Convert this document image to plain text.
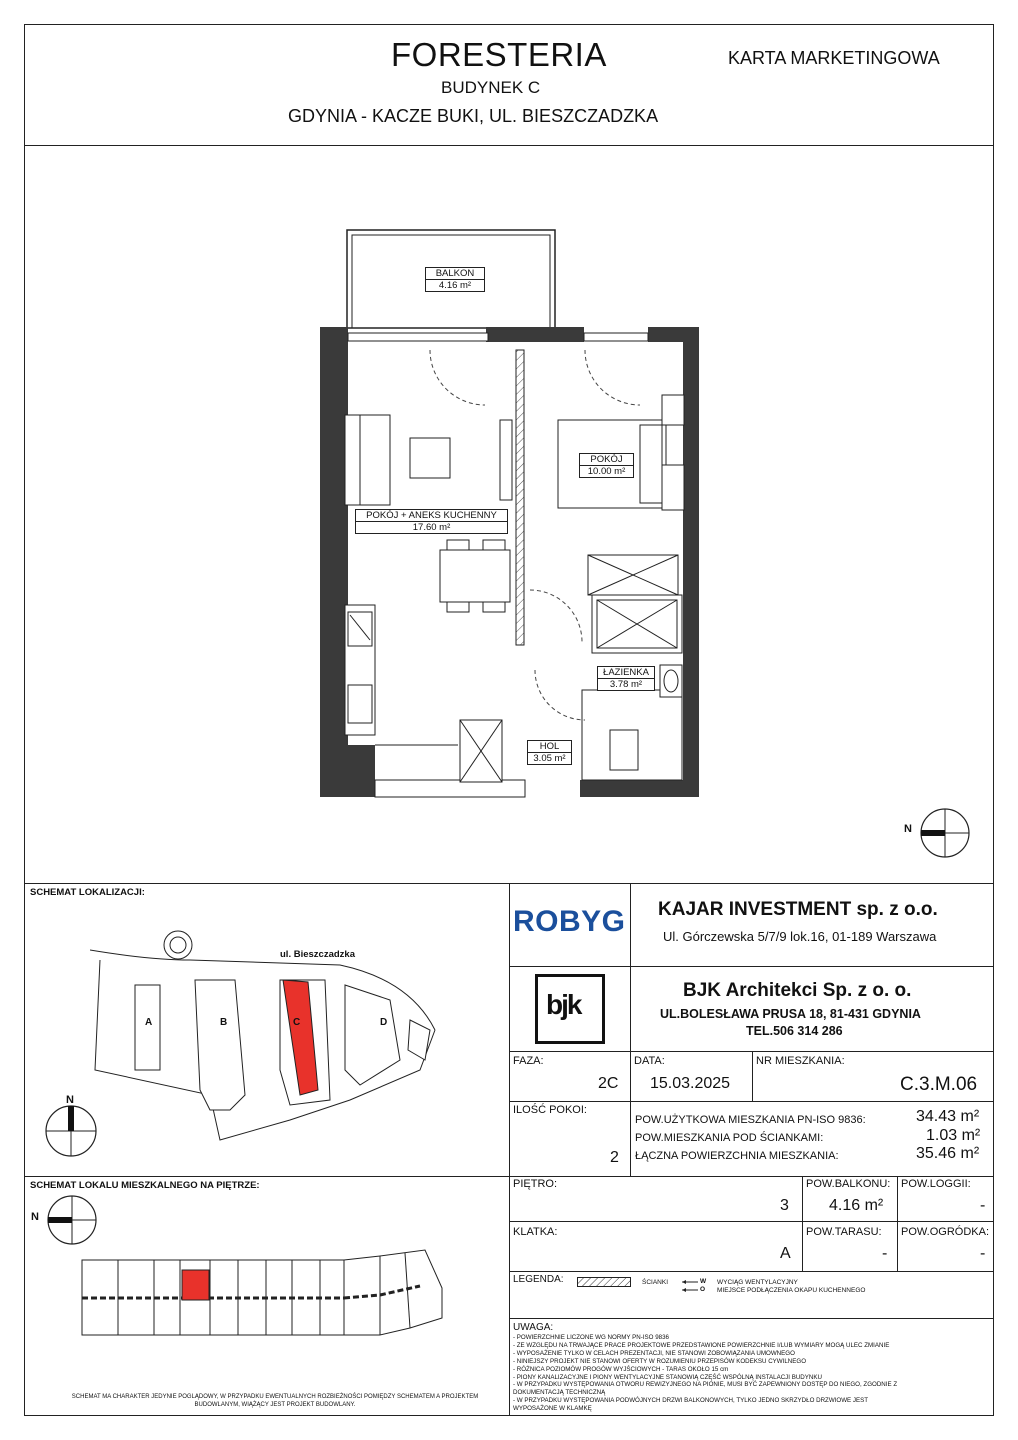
FORESTERIA
BUDYNEK C
GDYNIA - KACZE BUKI, UL. BIESZCZADZKA
KARTA MARKETINGOWA
BALKON
4.16 m²
POKÓJ + ANEKS KUCHENNY
17.60 m²
POKÓJ
10.00 m²
ŁAZIENKA
3.78 m²
HOL
3.05 m²
N
SCHEMAT LOKALIZACJI:
ul. Bieszczadzka
A	B	C	D
N
SCHEMAT LOKALU MIESZKALNEGO NA PIĘTRZE:
N
SCHEMAT MA CHARAKTER JEDYNIE POGLĄDOWY, W PRZYPADKU EWENTUALNYCH ROZBIEŻNOŚCI POMIĘDZY SCHEMATEM A PROJEKTEM BUDOWLANYM, WIĄŻĄCY JEST PROJEKT BUDOWLANY.
ROBYG KAJAR INVESTMENT sp. z o.o.
Ul. Górczewska 5/7/9 lok.16, 01-189 Warszawa
bjk	BJK Architekci Sp. z o. o.
UL.BOLESŁAWA PRUSA 18, 81-431 GDYNIA
TEL.506 314 286
FAZA:
2C
DATA:
15.03.2025
NR MIESZKANIA:
C.3.M.06
ILOŚĆ POKOI:
2
POW.UŻYTKOWA MIESZKANIA PN-ISO 9836:	34.43 m²
POW.MIESZKANIA POD ŚCIANKAMI:	1.03 m²
ŁĄCZNA POWIERZCHNIA MIESZKANIA:	35.46 m²
PIĘTRO:
3
POW.BALKONU:
4.16 m²
POW.LOGGII:
-
KLATKA:
A
POW.TARASU:
-
POW.OGRÓDKA:
-
LEGENDA:	ŚCIANKI	W
O
WYCIĄG WENTYLACYJNY
MIEJSCE PODŁĄCZENIA OKAPU KUCHENNEGO
UWAGA:
- POWIERZCHNIE LICZONE WG NORMY PN-ISO 9836
- ZE WZGLĘDU NA TRWAJĄCE PRACE PROJEKTOWE PRZEDSTAWIONE POWIERZCHNIE I/LUB WYMIARY MOGĄ ULEC ZMIANIE
- WYPOSAŻENIE TYLKO W CELACH PREZENTACJI, NIE STANOWI ZOBOWIĄZANIA UMOWNEGO
- NINIEJSZY PROJEKT NIE STANOWI OFERTY W ROZUMIENIU PRZEPISÓW KODEKSU CYWILNEGO
- RÓŻNICA POZIOMÓW PROGÓW WYJŚCIOWYCH - TARAS OKOŁO 15 cm
- PIONY KANALIZACYJNE I PIONY WENTYLACYJNE STANOWIĄ CZĘŚĆ WSPÓLNĄ INSTALACJI BUDYNKU
- W PRZYPADKU WYSTĘPOWANIA OTWORU REWIZYJNEGO NA PIONIE, MUSI BYĆ ZAPEWNIONY DOSTĘP DO NIEGO, ZGODNIE Z DOKUMENTACJĄ TECHNICZNĄ
- W PRZYPADKU WYSTĘPOWANIA PODWÓJNYCH DRZWI BALKONOWYCH, TYLKO JEDNO SKRZYDŁO DRZWIOWE JEST WYPOSAŻONE W KLAMKĘ
